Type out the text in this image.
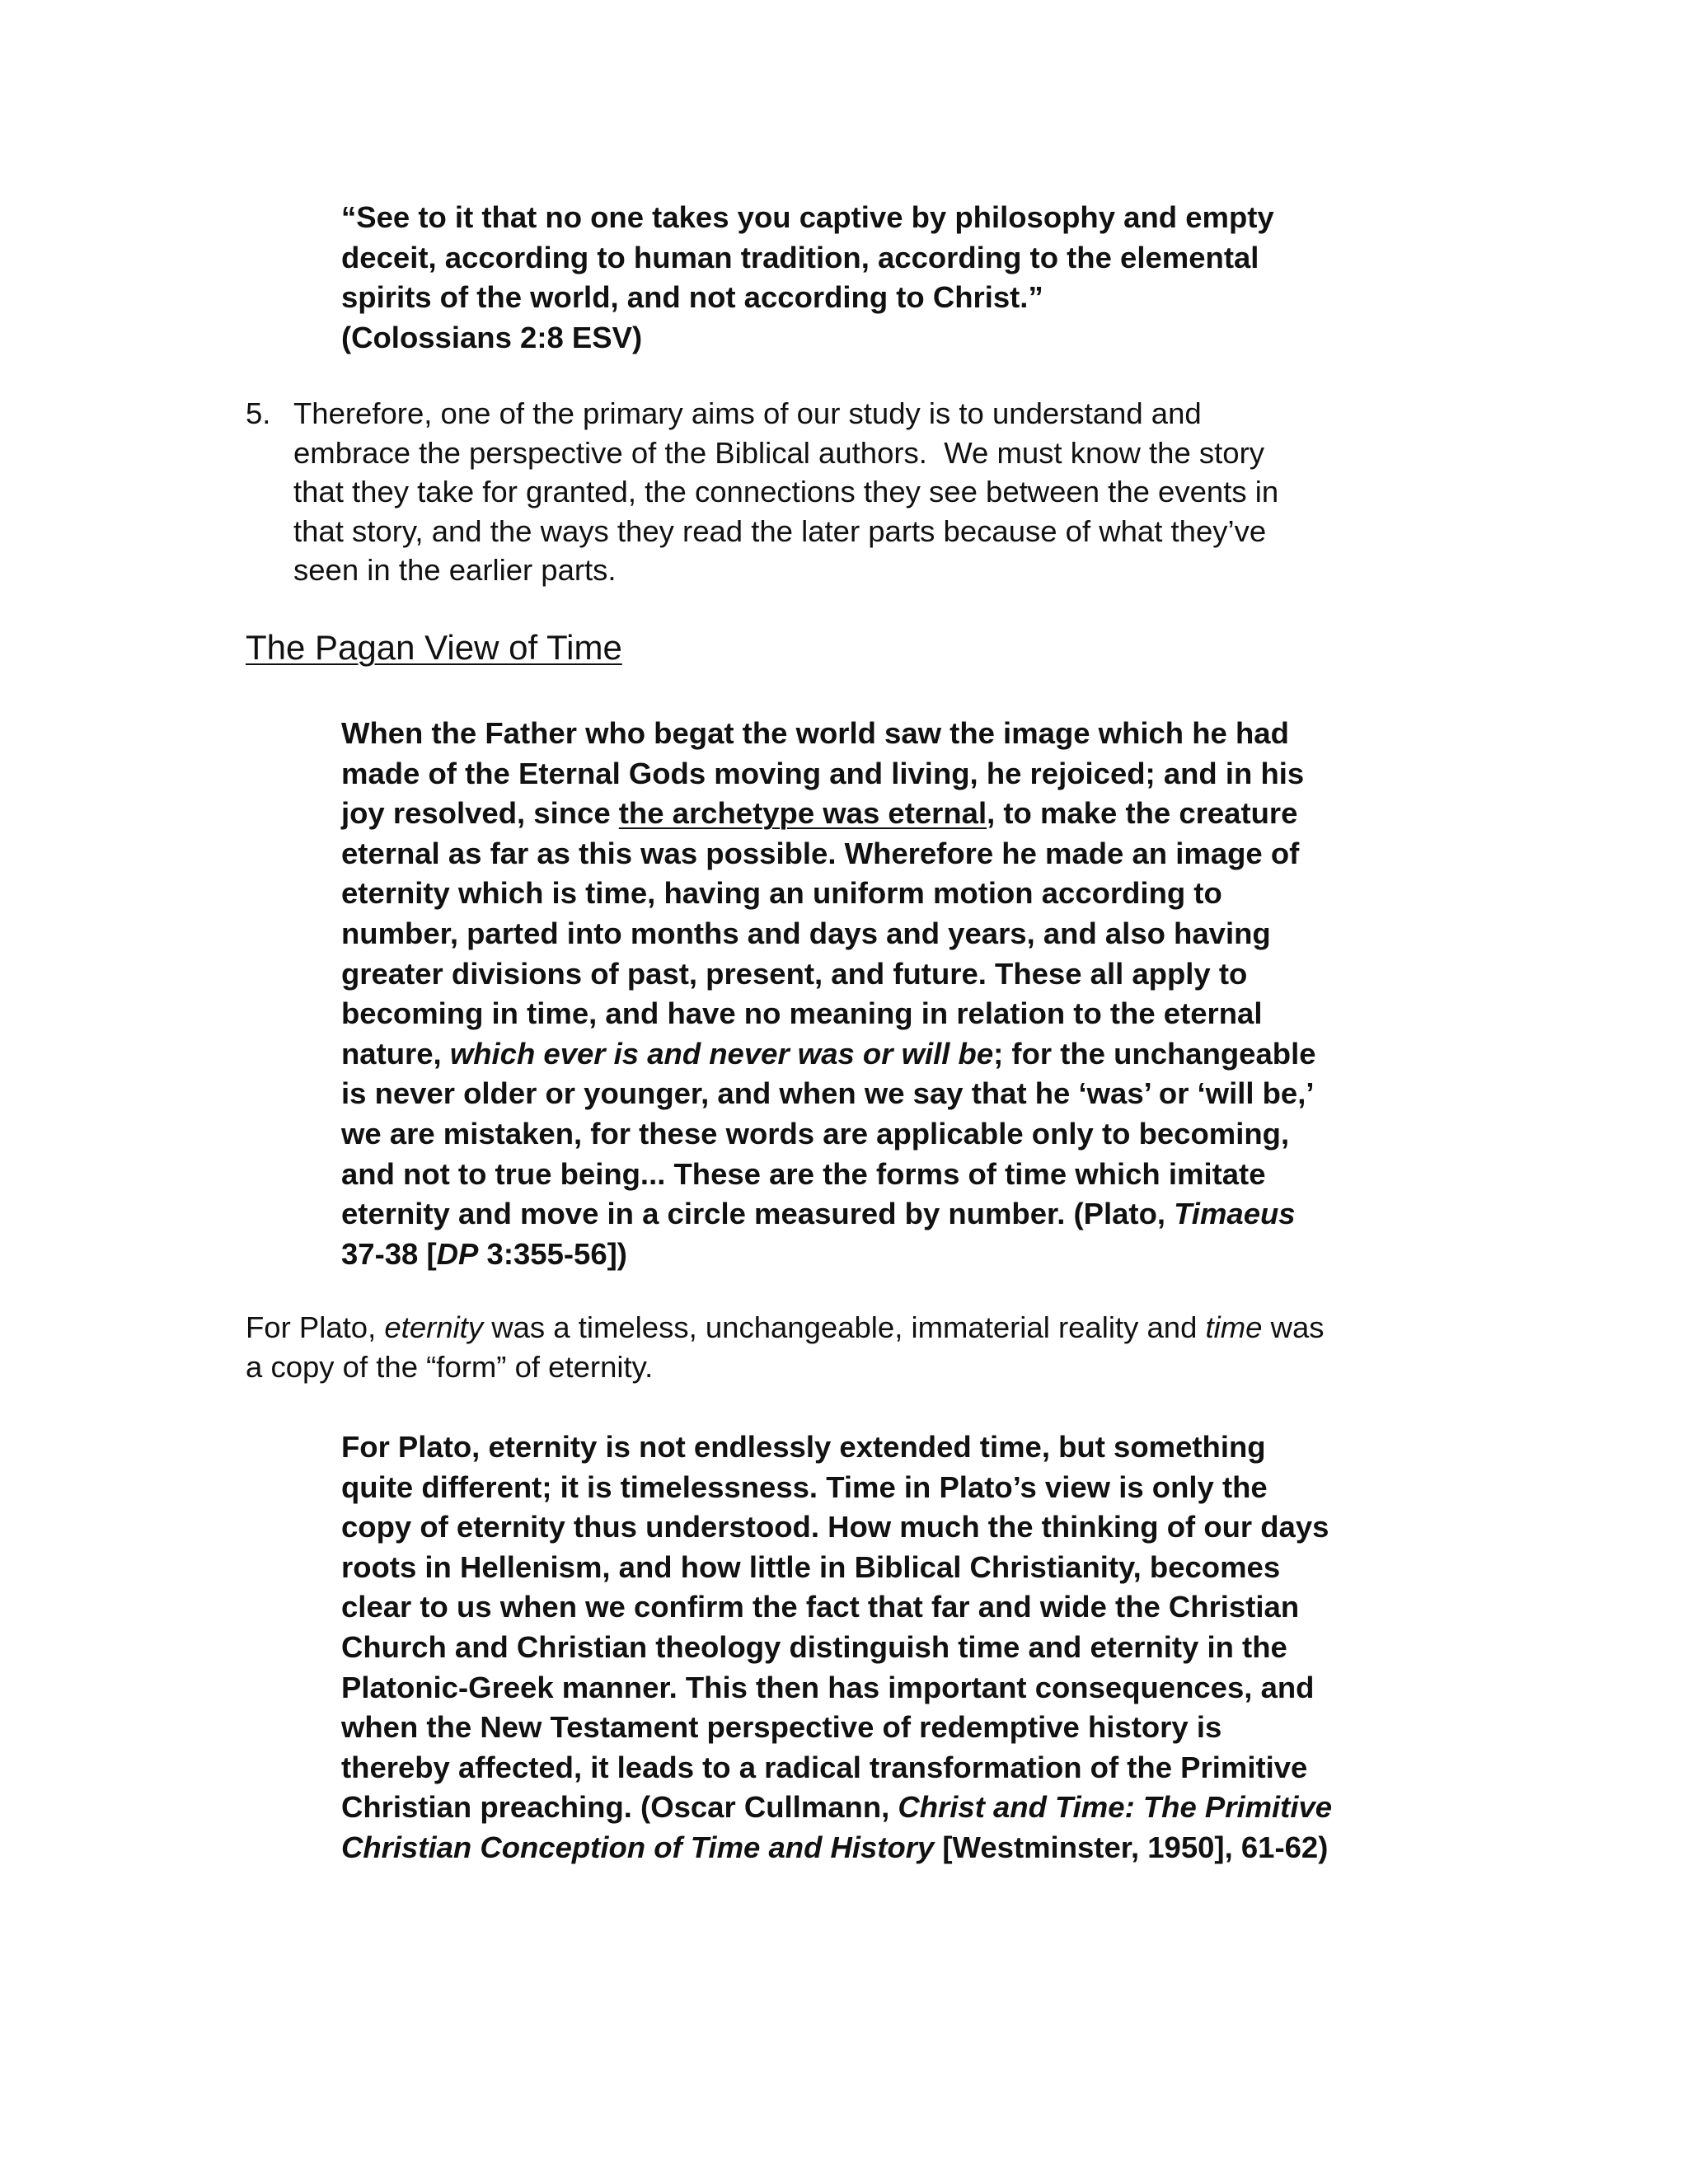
“See to it that no one takes you captive by philosophy and empty
deceit, according to human tradition, according to the elemental
spirits of the world, and not according to Christ.”
(Colossians 2:8 ESV)
5. Therefore, one of the primary aims of our study is to understand and
embrace the perspective of the Biblical authors.  We must know the story
that they take for granted, the connections they see between the events in
that story, and the ways they read the later parts because of what they’ve
seen in the earlier parts.
The Pagan View of Time
When the Father who begat the world saw the image which he had
made of the Eternal Gods moving and living, he rejoiced; and in his
joy resolved, since the archetype was eternal, to make the creature
eternal as far as this was possible. Wherefore he made an image of
eternity which is time, having an uniform motion according to
number, parted into months and days and years, and also having
greater divisions of past, present, and future. These all apply to
becoming in time, and have no meaning in relation to the eternal
nature, which ever is and never was or will be; for the unchangeable
is never older or younger, and when we say that he ‘was’ or ‘will be,’
we are mistaken, for these words are applicable only to becoming,
and not to true being... These are the forms of time which imitate
eternity and move in a circle measured by number. (Plato, Timaeus
37-38 [DP 3:355-56])
For Plato, eternity was a timeless, unchangeable, immaterial reality and time was
a copy of the “form” of eternity.
For Plato, eternity is not endlessly extended time, but something
quite different; it is timelessness. Time in Plato’s view is only the
copy of eternity thus understood. How much the thinking of our days
roots in Hellenism, and how little in Biblical Christianity, becomes
clear to us when we confirm the fact that far and wide the Christian
Church and Christian theology distinguish time and eternity in the
Platonic-Greek manner. This then has important consequences, and
when the New Testament perspective of redemptive history is
thereby affected, it leads to a radical transformation of the Primitive
Christian preaching. (Oscar Cullmann, Christ and Time: The Primitive
Christian Conception of Time and History [Westminster, 1950], 61-62)
